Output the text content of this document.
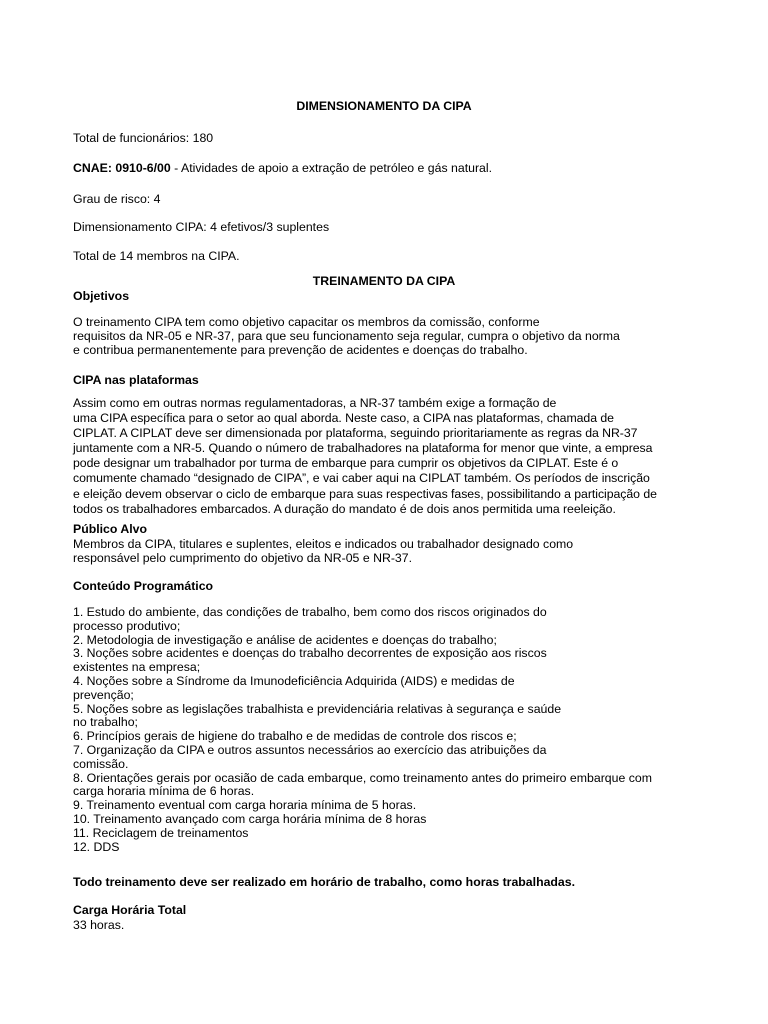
DIMENSIONAMENTO DA CIPA
Total de funcionários: 180
CNAE: 0910-6/00 - Atividades de apoio a extração de petróleo e gás natural.
Grau de risco: 4
Dimensionamento CIPA: 4 efetivos/3 suplentes
Total de 14 membros na CIPA.
TREINAMENTO DA CIPA
Objetivos
O treinamento CIPA tem como objetivo capacitar os membros da comissão, conforme
requisitos da NR-05 e NR-37, para que seu funcionamento seja regular, cumpra o objetivo da norma
e contribua permanentemente para prevenção de acidentes e doenças do trabalho.
CIPA nas plataformas
Assim como em outras normas regulamentadoras, a NR-37 também exige a formação de
uma CIPA específica para o setor ao qual aborda. Neste caso, a CIPA nas plataformas, chamada de
CIPLAT. A CIPLAT deve ser dimensionada por plataforma, seguindo prioritariamente as regras da NR-37
juntamente com a NR-5. Quando o número de trabalhadores na plataforma for menor que vinte, a empresa
pode designar um trabalhador por turma de embarque para cumprir os objetivos da CIPLAT. Este é o
comumente chamado “designado de CIPA”, e vai caber aqui na CIPLAT também. Os períodos de inscrição
e eleição devem observar o ciclo de embarque para suas respectivas fases, possibilitando a participação de
todos os trabalhadores embarcados. A duração do mandato é de dois anos permitida uma reeleição.
Público Alvo
Membros da CIPA, titulares e suplentes, eleitos e indicados ou trabalhador designado como
responsável pelo cumprimento do objetivo da NR-05 e NR-37.
Conteúdo Programático
1. Estudo do ambiente, das condições de trabalho, bem como dos riscos originados do
processo produtivo;
2. Metodologia de investigação e análise de acidentes e doenças do trabalho;
3. Noções sobre acidentes e doenças do trabalho decorrentes de exposição aos riscos
existentes na empresa;
4. Noções sobre a Síndrome da Imunodeficiência Adquirida (AIDS) e medidas de
prevenção;
5. Noções sobre as legislações trabalhista e previdenciária relativas à segurança e saúde
no trabalho;
6. Princípios gerais de higiene do trabalho e de medidas de controle dos riscos e;
7. Organização da CIPA e outros assuntos necessários ao exercício das atribuições da
comissão.
8. Orientações gerais por ocasião de cada embarque, como treinamento antes do primeiro embarque com
carga horaria mínima de 6 horas.
9. Treinamento eventual com carga horaria mínima de 5 horas.
10. Treinamento avançado com carga horária mínima de 8 horas
11. Reciclagem de treinamentos
12. DDS
Todo treinamento deve ser realizado em horário de trabalho, como horas trabalhadas.
Carga Horária Total
33 horas.
